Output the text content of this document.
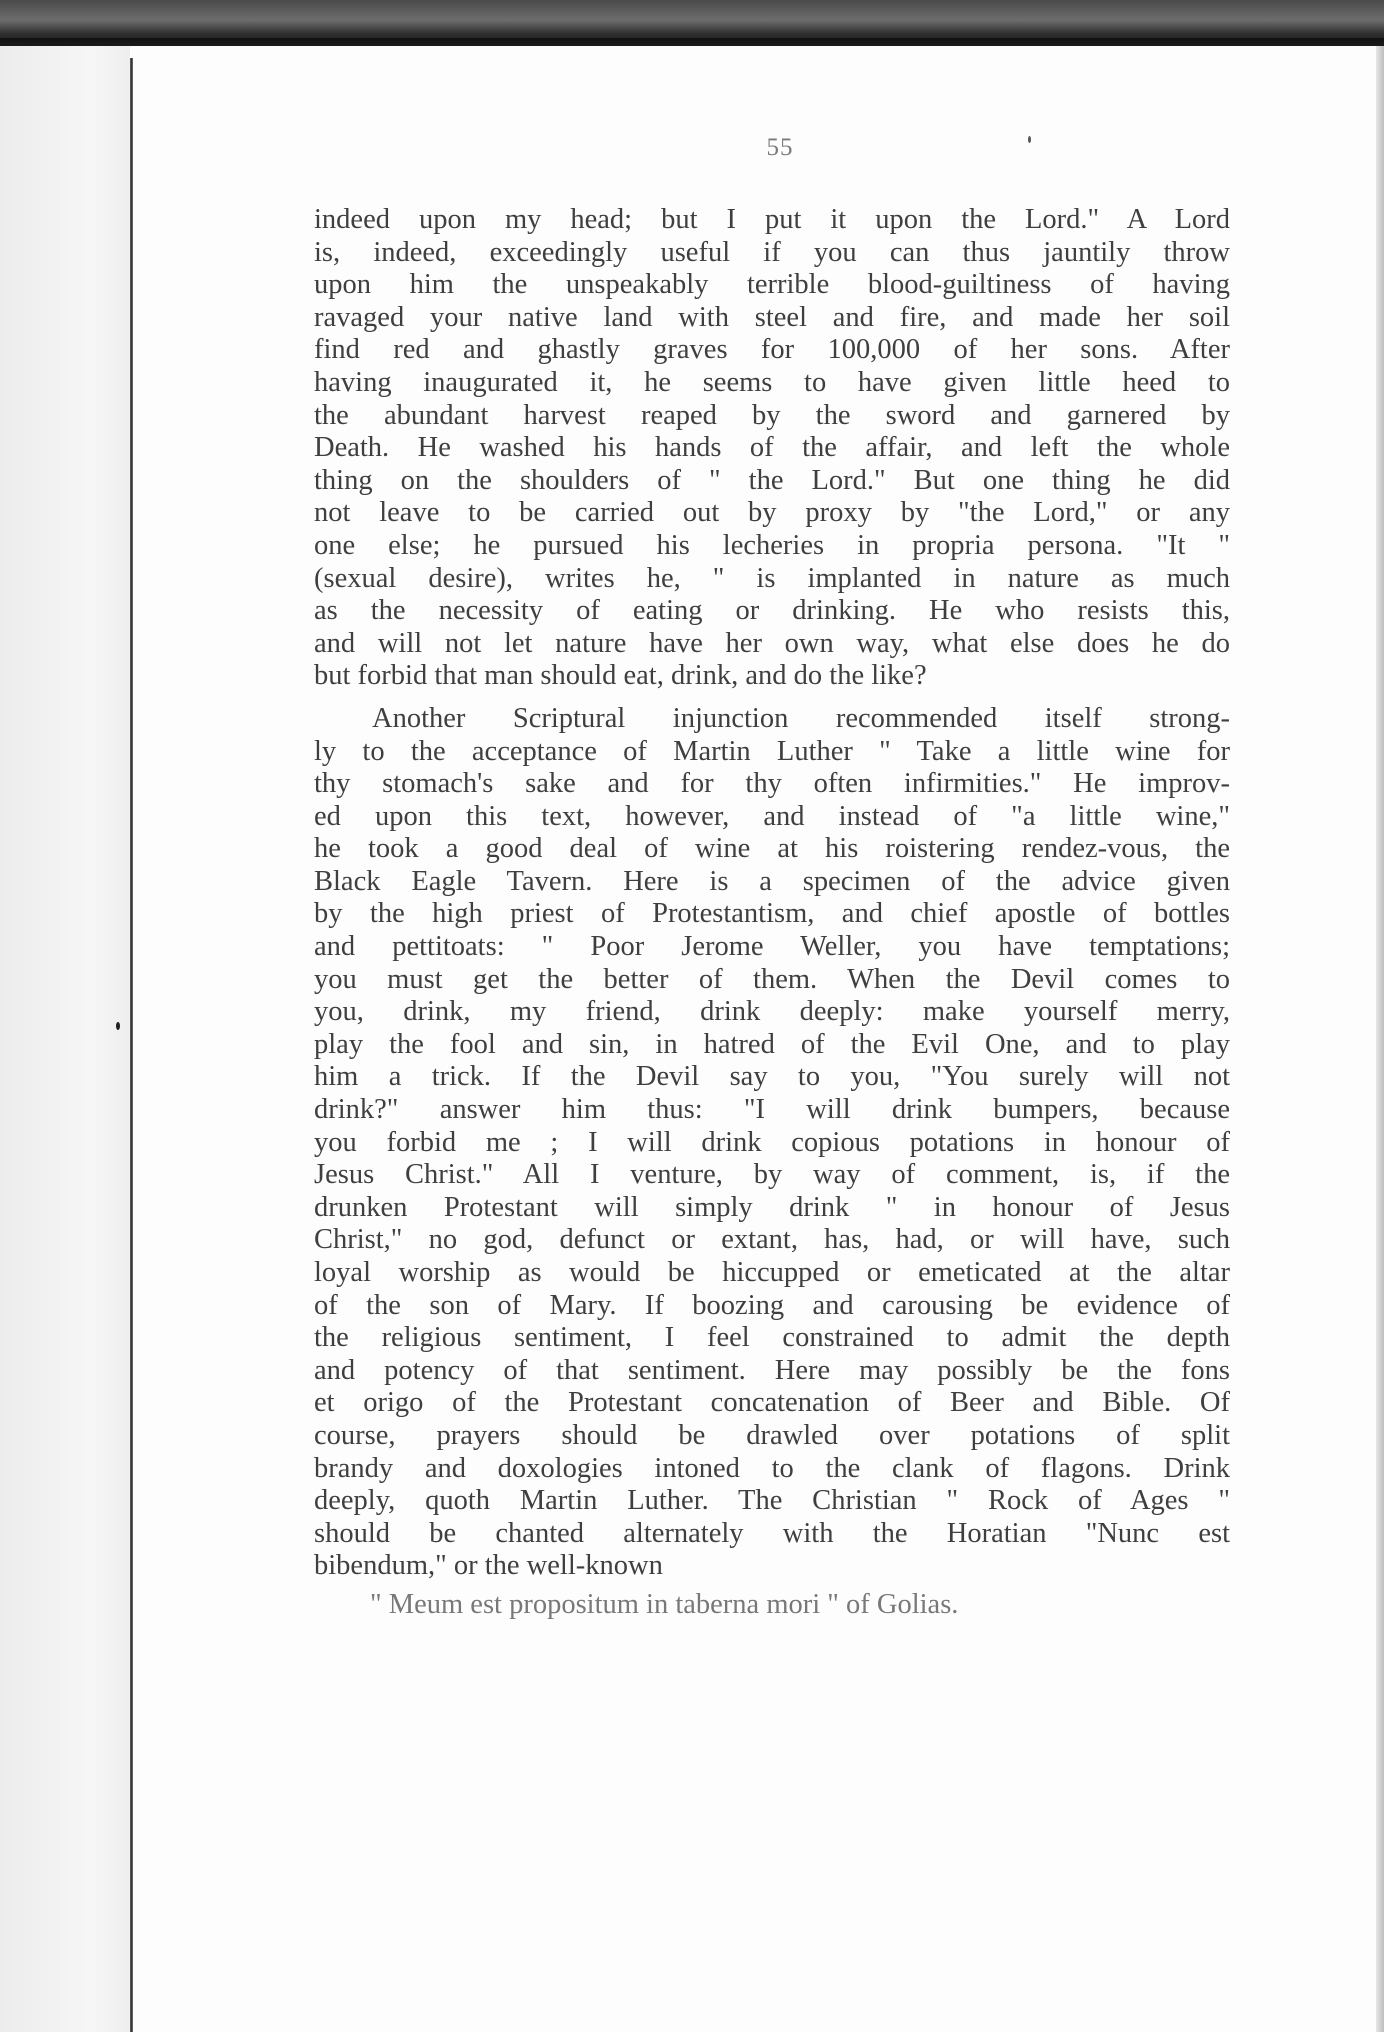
55
indeed upon my head; but I put it upon the Lord." A Lord
is, indeed, exceedingly useful if you can thus jauntily throw
upon him the unspeakably terrible blood-guiltiness of having
ravaged your native land with steel and fire, and made her soil
find red and ghastly graves for 100,000 of her sons. After
having inaugurated it, he seems to have given little heed to
the abundant harvest reaped by the sword and garnered by
Death. He washed his hands of the affair, and left the whole
thing on the shoulders of " the Lord." But one thing he did
not leave to be carried out by proxy by "the Lord," or any
one else; he pursued his lecheries in propria persona. "It "
(sexual desire), writes he, " is implanted in nature as much
as the necessity of eating or drinking. He who resists this,
and will not let nature have her own way, what else does he do
but forbid that man should eat, drink, and do the like?
Another Scriptural injunction recommended itself strong-
ly to the acceptance of Martin Luther " Take a little wine for
thy stomach's sake and for thy often infirmities." He improv-
ed upon this text, however, and instead of "a little wine,"
he took a good deal of wine at his roistering rendez-vous, the
Black Eagle Tavern. Here is a specimen of the advice given
by the high priest of Protestantism, and chief apostle of bottles
and pettitoats: " Poor Jerome Weller, you have temptations;
you must get the better of them. When the Devil comes to
you, drink, my friend, drink deeply: make yourself merry,
play the fool and sin, in hatred of the Evil One, and to play
him a trick. If the Devil say to you, "You surely will not
drink?" answer him thus: "I will drink bumpers, because
you forbid me ; I will drink copious potations in honour of
Jesus Christ." All I venture, by way of comment, is, if the
drunken Protestant will simply drink " in honour of Jesus
Christ," no god, defunct or extant, has, had, or will have, such
loyal worship as would be hiccupped or emeticated at the altar
of the son of Mary. If boozing and carousing be evidence of
the religious sentiment, I feel constrained to admit the depth
and potency of that sentiment. Here may possibly be the fons
et origo of the Protestant concatenation of Beer and Bible. Of
course, prayers should be drawled over potations of split
brandy and doxologies intoned to the clank of flagons. Drink
deeply, quoth Martin Luther. The Christian " Rock of Ages "
should be chanted alternately with the Horatian "Nunc est
bibendum," or the well-known
" Meum est propositum in taberna mori " of Golias.
